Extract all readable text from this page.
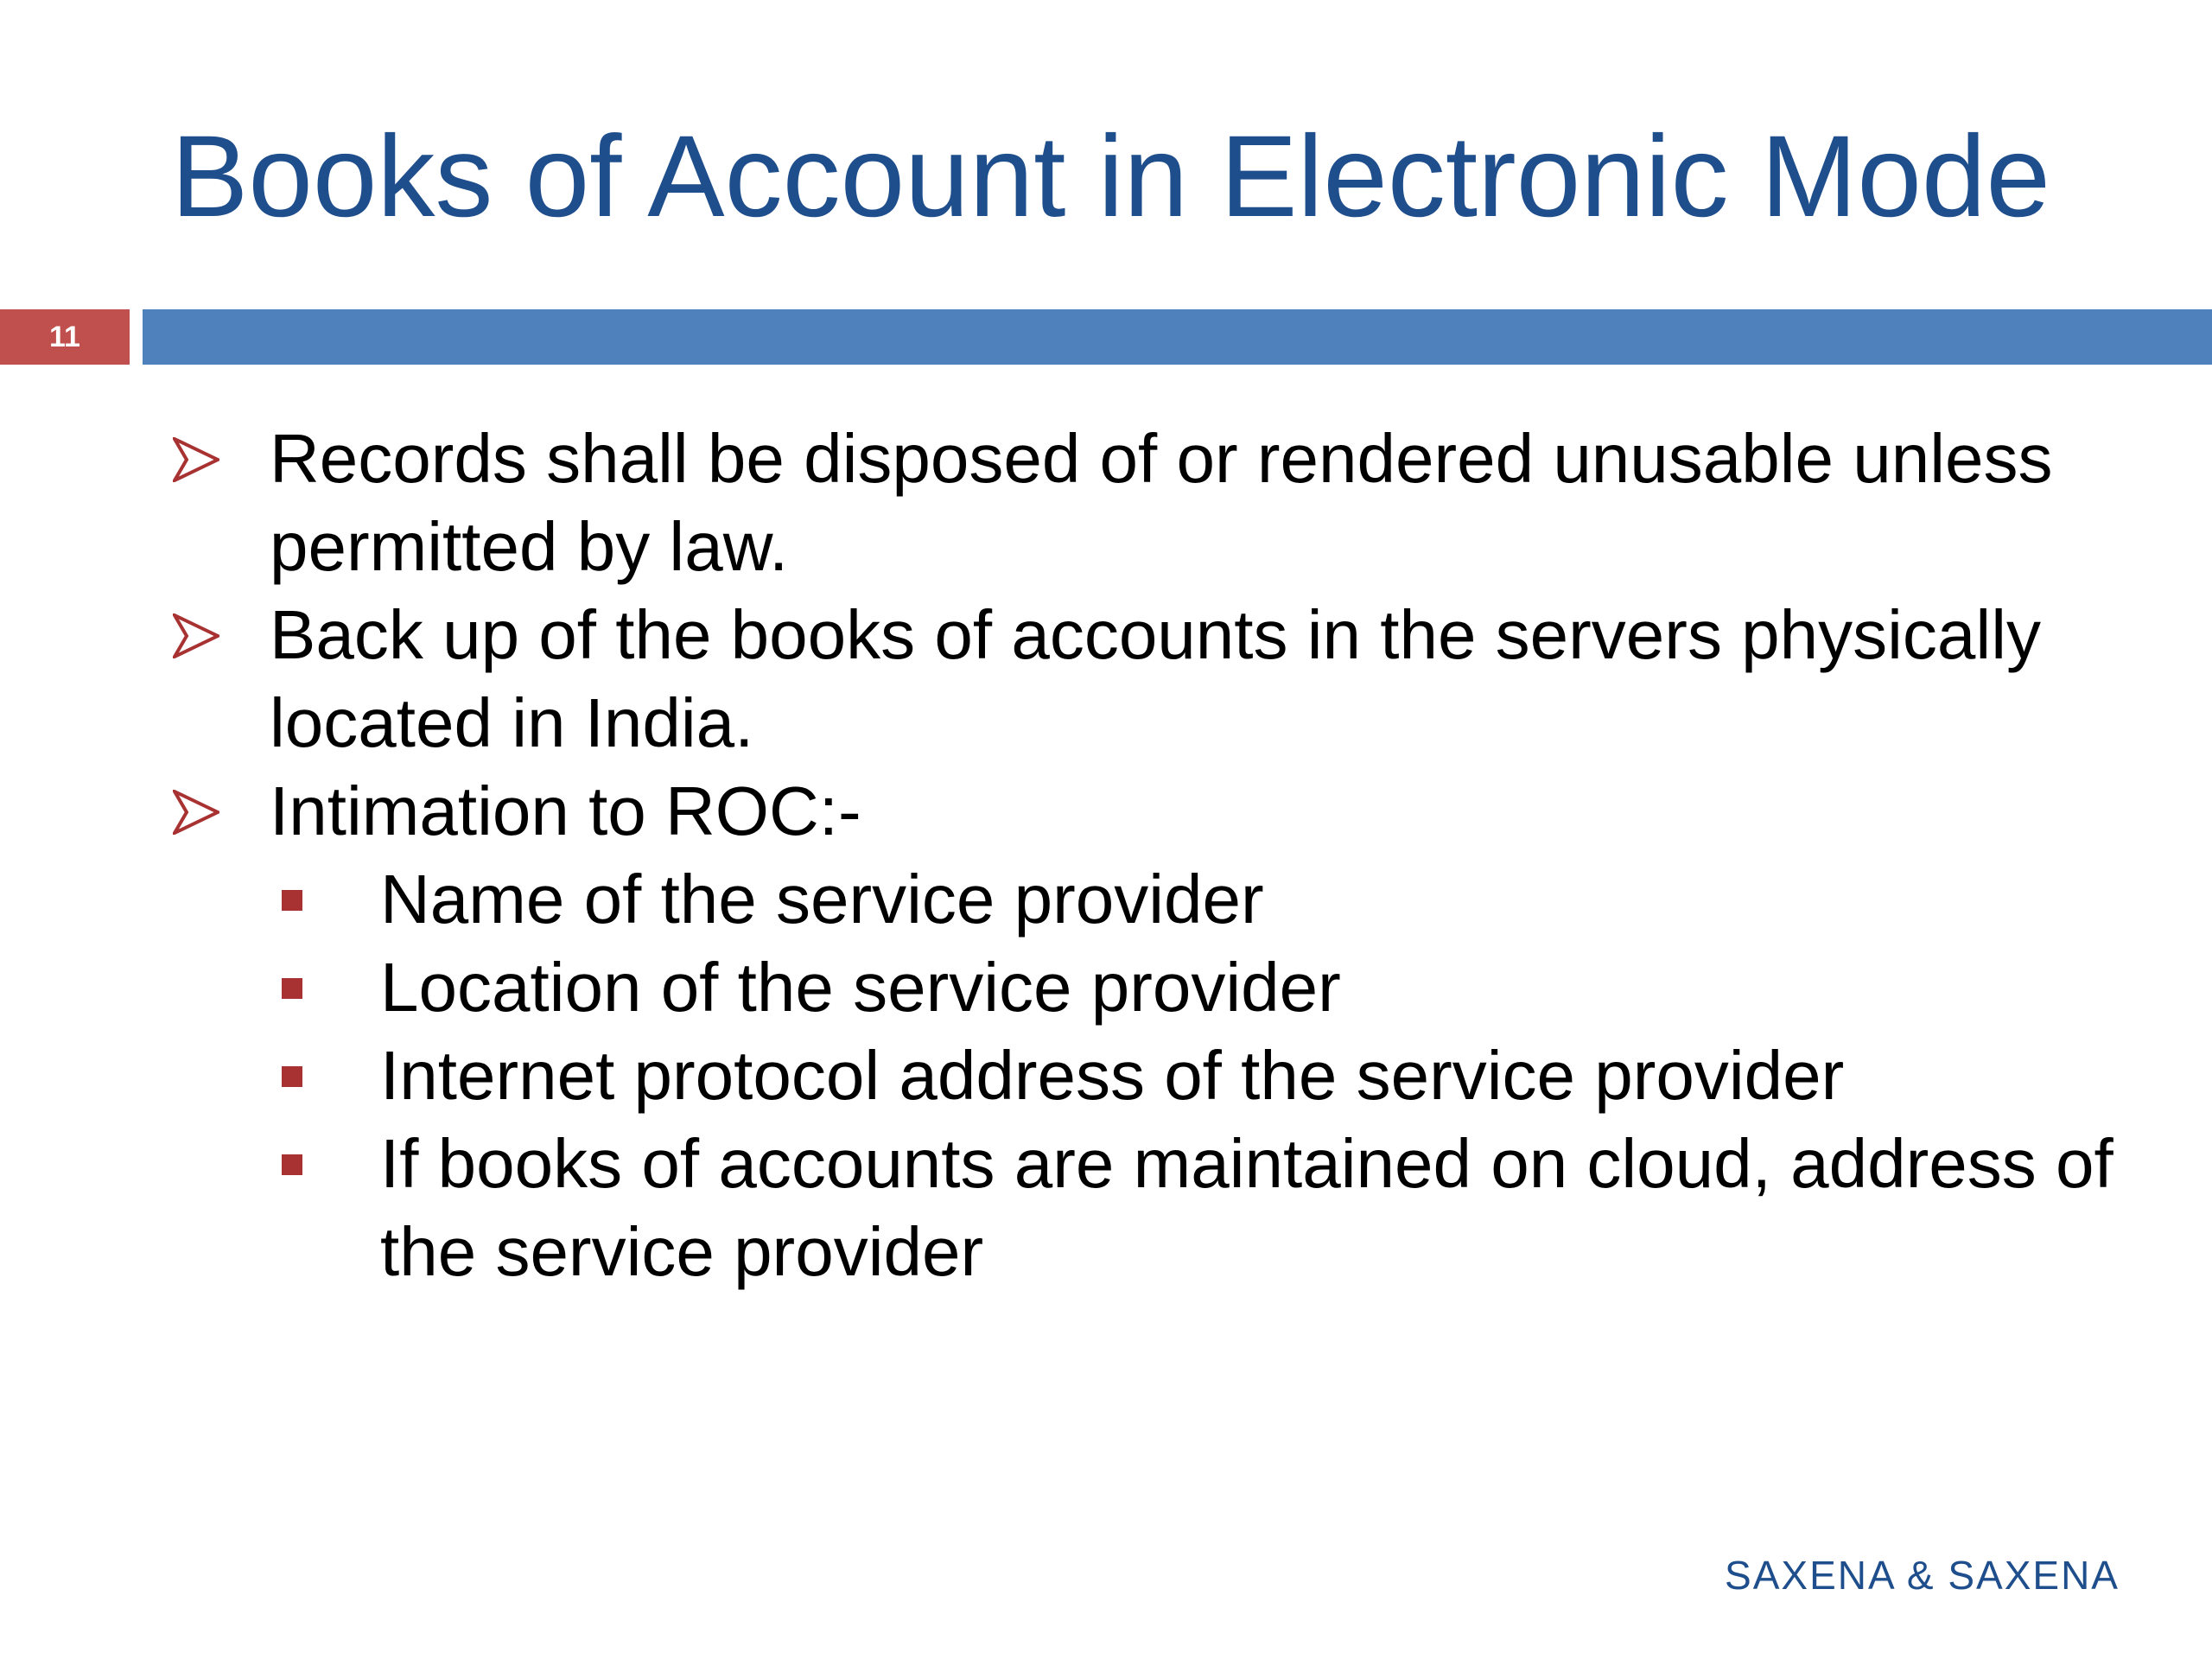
Books of Account in Electronic Mode
11
Records shall be disposed of or rendered unusable unless permitted by law.
Back up of the books of accounts in the servers physically located in India.
Intimation to ROC:-
Name of the service provider
Location of the service provider
Internet protocol address of the service provider
If books of accounts are maintained on cloud, address of the service provider
SAXENA & SAXENA
